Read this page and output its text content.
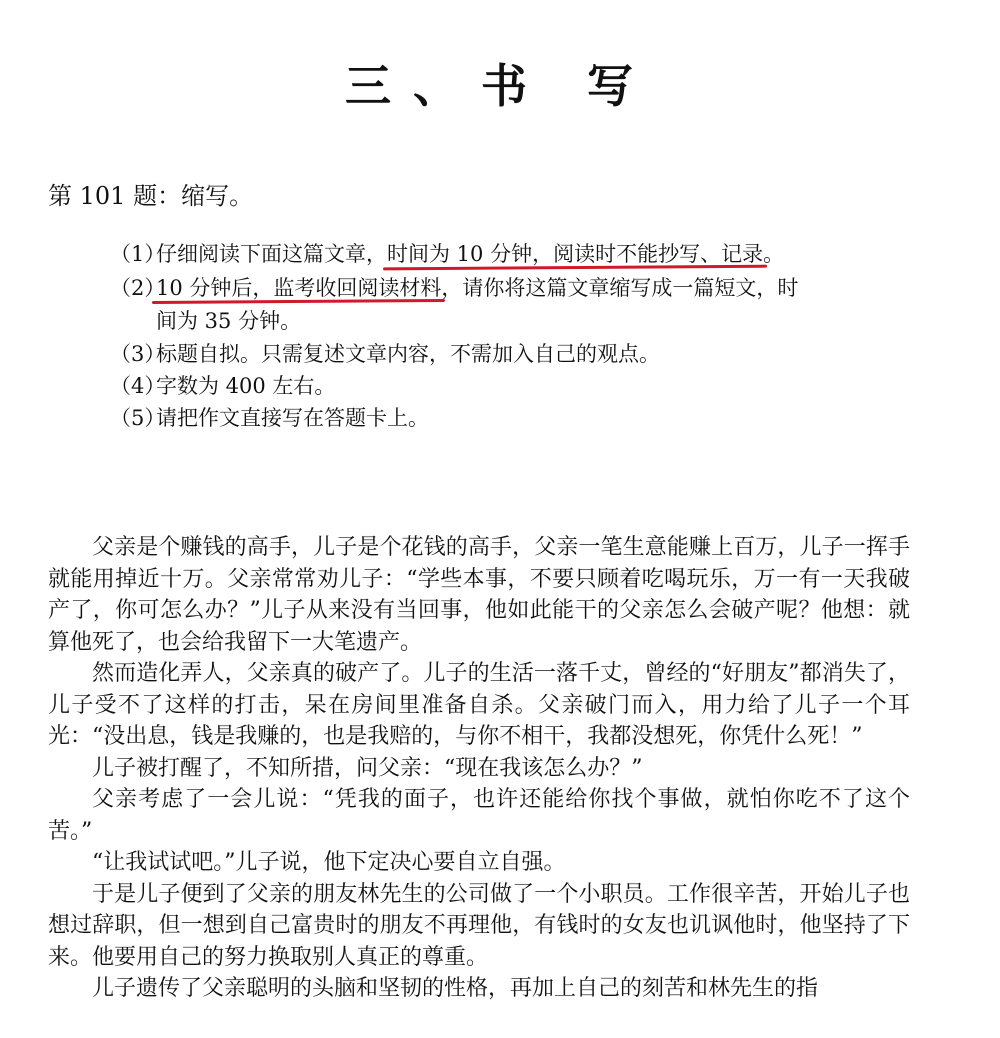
三、书 写
第 101 题：缩写。
（1）仔细阅读下面这篇文章，时间为 10 分钟，阅读时不能抄写、记录。
（2）10 分钟后，监考收回阅读材料，请你将这篇文章缩写成一篇短文，时
间为 35 分钟。
（3）标题自拟。只需复述文章内容，不需加入自己的观点。
（4）字数为 400 左右。
（5）请把作文直接写在答题卡上。

父亲是个赚钱的高手，儿子是个花钱的高手，父亲一笔生意能赚上百万，儿子一挥手就能用掉近十万。父亲常常劝儿子：“学些本事，不要只顾着吃喝玩乐，万一有一天我破产了，你可怎么办？”儿子从来没有当回事，他如此能干的父亲怎么会破产呢？他想：就算他死了，也会给我留下一大笔遗产。

然而造化弄人，父亲真的破产了。儿子的生活一落千丈，曾经的“好朋友”都消失了，儿子受不了这样的打击，呆在房间里准备自杀。父亲破门而入，用力给了儿子一个耳光：“没出息，钱是我赚的，也是我赔的，与你不相干，我都没想死，你凭什么死！”

儿子被打醒了，不知所措，问父亲：“现在我该怎么办？”

父亲考虑了一会儿说：“凭我的面子，也许还能给你找个事做，就怕你吃不了这个苦。”

“让我试试吧。”儿子说，他下定决心要自立自强。

于是儿子便到了父亲的朋友林先生的公司做了一个小职员。工作很辛苦，开始儿子也想过辞职，但一想到自己富贵时的朋友不再理他，有钱时的女友也讥讽他时，他坚持了下来。他要用自己的努力换取别人真正的尊重。

儿子遗传了父亲聪明的头脑和坚韧的性格，再加上自己的刻苦和林先生的指
